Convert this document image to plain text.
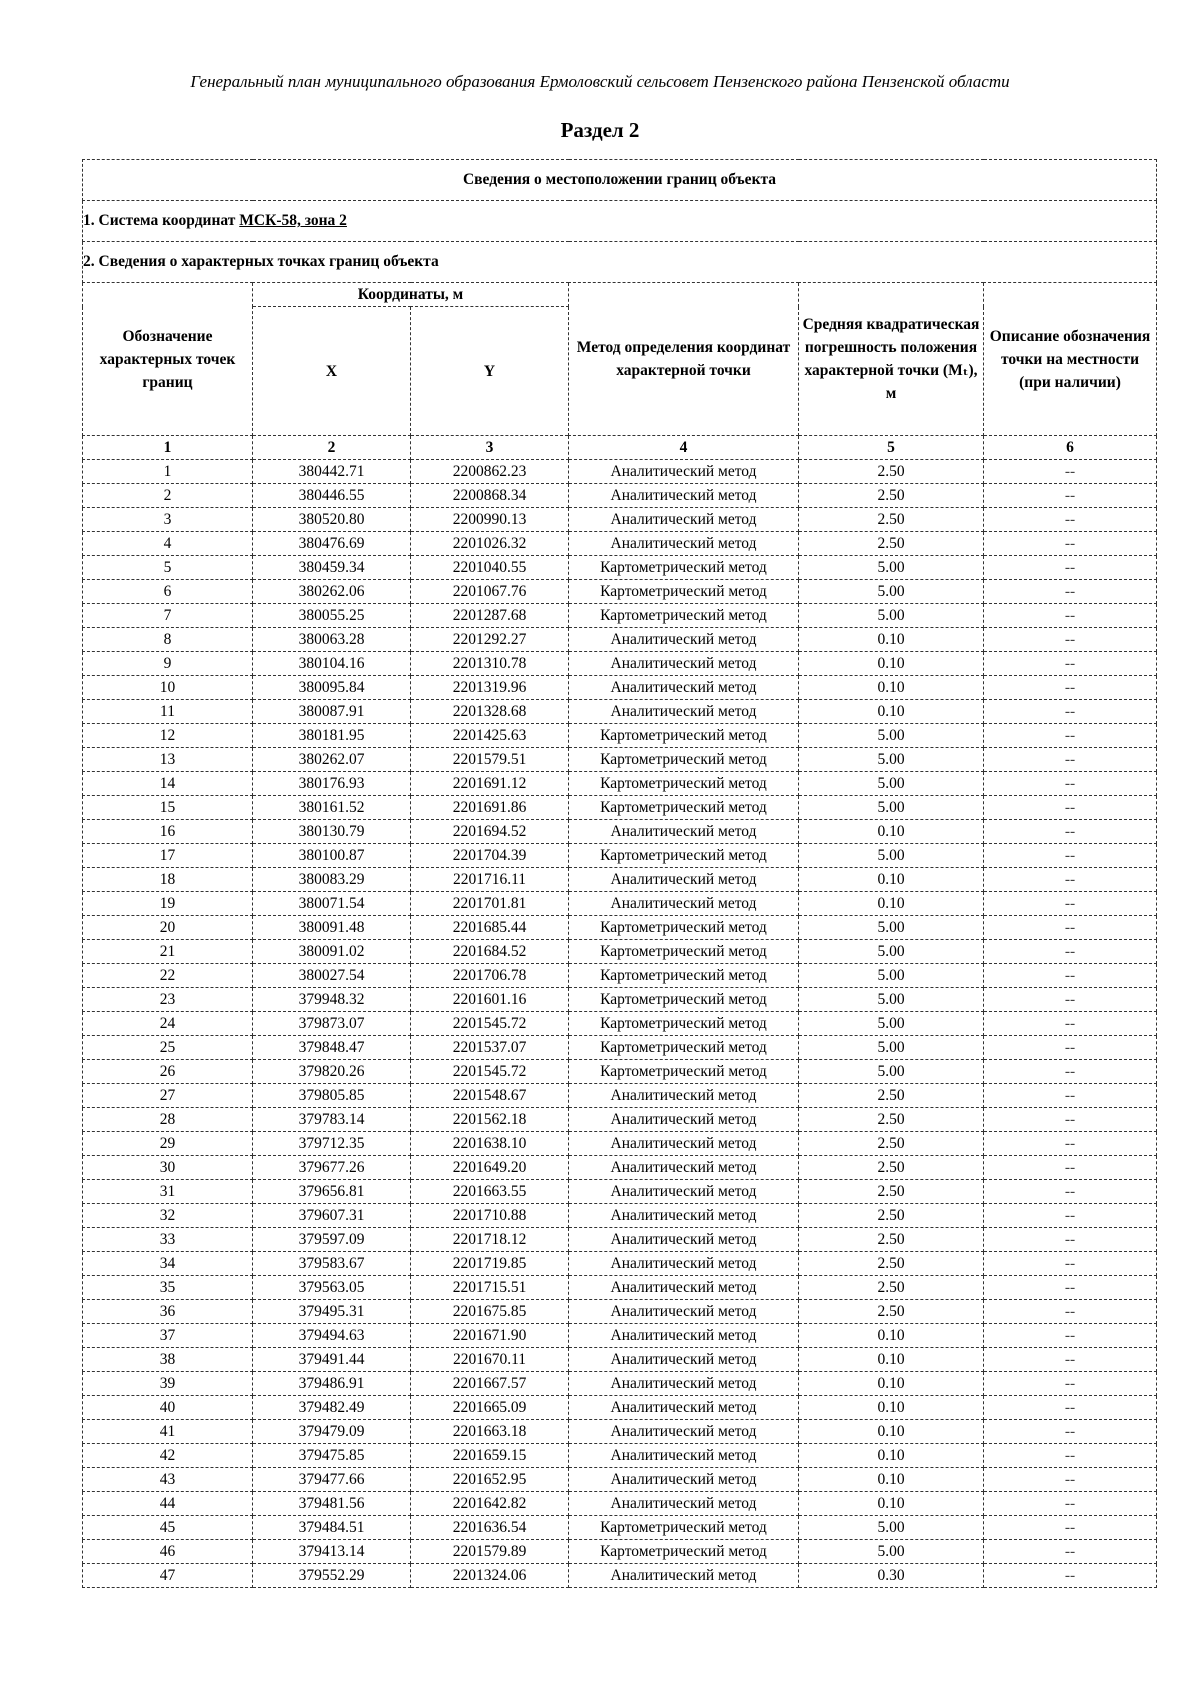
Генеральный план муниципального образования Ермоловский сельсовет Пензенского района Пензенской области
Раздел 2
Сведения о местоположении границ объекта					
1. Система координат МСК-58, зона 2					
2. Сведения о характерных точках границ объекта					
Обозначение характерных точек границ	Координаты, м		Метод определения координат характерной точки	Средняя квадратическая погрешность положения характерной точки (Mₜ), м	Описание обозначения точки на местности (при наличии)
	X	Y			
1	2	3	4	5	6
1	380442.71	2200862.23	Аналитический метод	2.50	--
2	380446.55	2200868.34	Аналитический метод	2.50	--
3	380520.80	2200990.13	Аналитический метод	2.50	--
4	380476.69	2201026.32	Аналитический метод	2.50	--
5	380459.34	2201040.55	Картометрический метод	5.00	--
6	380262.06	2201067.76	Картометрический метод	5.00	--
7	380055.25	2201287.68	Картометрический метод	5.00	--
8	380063.28	2201292.27	Аналитический метод	0.10	--
9	380104.16	2201310.78	Аналитический метод	0.10	--
10	380095.84	2201319.96	Аналитический метод	0.10	--
11	380087.91	2201328.68	Аналитический метод	0.10	--
12	380181.95	2201425.63	Картометрический метод	5.00	--
13	380262.07	2201579.51	Картометрический метод	5.00	--
14	380176.93	2201691.12	Картометрический метод	5.00	--
15	380161.52	2201691.86	Картометрический метод	5.00	--
16	380130.79	2201694.52	Аналитический метод	0.10	--
17	380100.87	2201704.39	Картометрический метод	5.00	--
18	380083.29	2201716.11	Аналитический метод	0.10	--
19	380071.54	2201701.81	Аналитический метод	0.10	--
20	380091.48	2201685.44	Картометрический метод	5.00	--
21	380091.02	2201684.52	Картометрический метод	5.00	--
22	380027.54	2201706.78	Картометрический метод	5.00	--
23	379948.32	2201601.16	Картометрический метод	5.00	--
24	379873.07	2201545.72	Картометрический метод	5.00	--
25	379848.47	2201537.07	Картометрический метод	5.00	--
26	379820.26	2201545.72	Картометрический метод	5.00	--
27	379805.85	2201548.67	Аналитический метод	2.50	--
28	379783.14	2201562.18	Аналитический метод	2.50	--
29	379712.35	2201638.10	Аналитический метод	2.50	--
30	379677.26	2201649.20	Аналитический метод	2.50	--
31	379656.81	2201663.55	Аналитический метод	2.50	--
32	379607.31	2201710.88	Аналитический метод	2.50	--
33	379597.09	2201718.12	Аналитический метод	2.50	--
34	379583.67	2201719.85	Аналитический метод	2.50	--
35	379563.05	2201715.51	Аналитический метод	2.50	--
36	379495.31	2201675.85	Аналитический метод	2.50	--
37	379494.63	2201671.90	Аналитический метод	0.10	--
38	379491.44	2201670.11	Аналитический метод	0.10	--
39	379486.91	2201667.57	Аналитический метод	0.10	--
40	379482.49	2201665.09	Аналитический метод	0.10	--
41	379479.09	2201663.18	Аналитический метод	0.10	--
42	379475.85	2201659.15	Аналитический метод	0.10	--
43	379477.66	2201652.95	Аналитический метод	0.10	--
44	379481.56	2201642.82	Аналитический метод	0.10	--
45	379484.51	2201636.54	Картометрический метод	5.00	--
46	379413.14	2201579.89	Картометрический метод	5.00	--
47	379552.29	2201324.06	Аналитический метод	0.30	--
